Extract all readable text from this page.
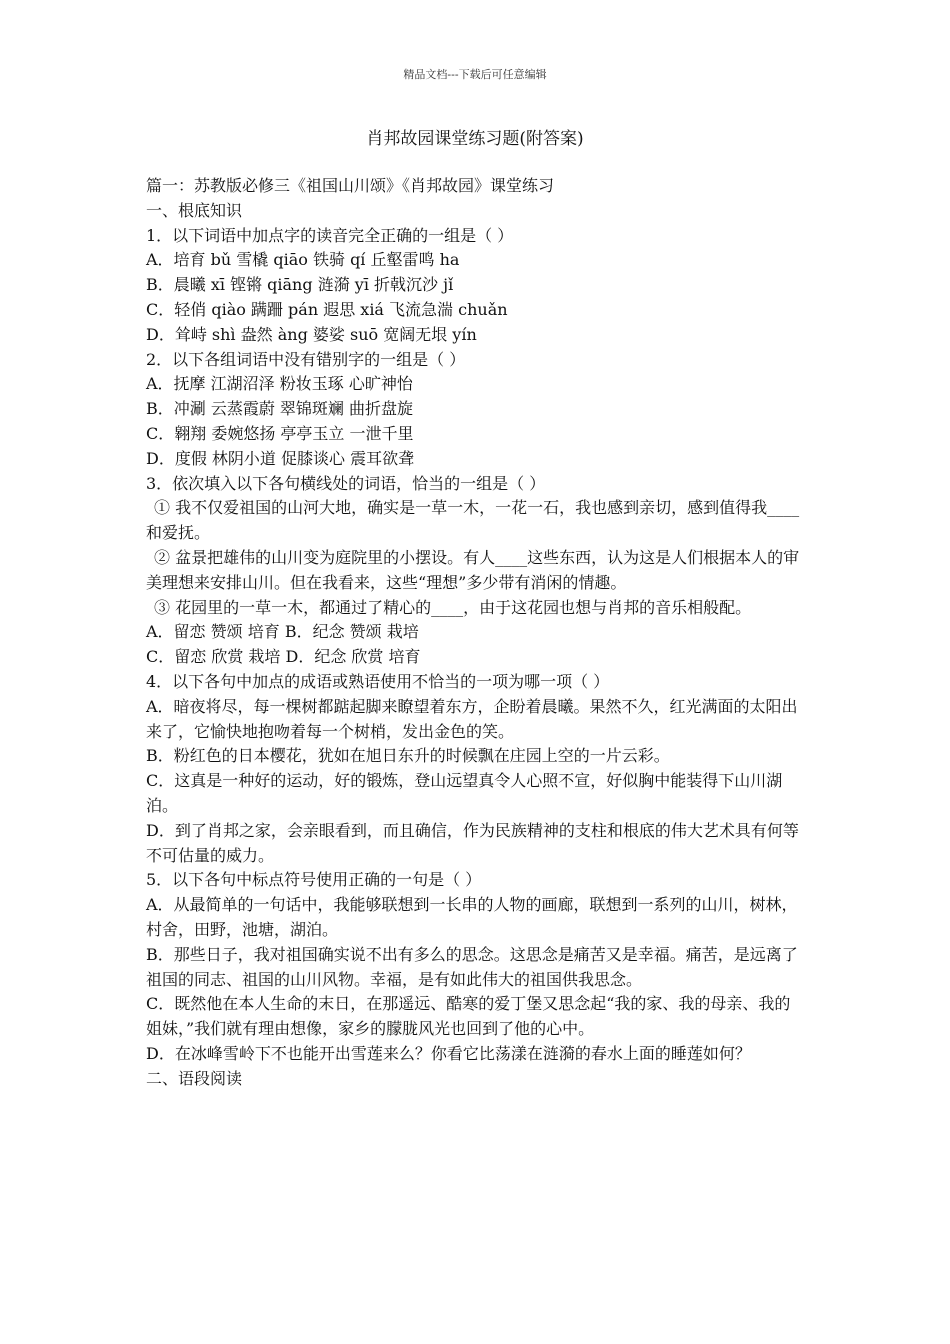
精品文档---下载后可任意编辑
肖邦故园课堂练习题(附答案)

篇一：苏教版必修三《祖国山川颂》《肖邦故园》课堂练习

一、根底知识

1．以下词语中加点字的读音完全正确的一组是（ ）

A．培育 bǔ 雪橇 qiāo 铁骑 qí 丘壑雷鸣 ha

B．晨曦 xī 铿锵 qiāng 涟漪 yī 折戟沉沙 jǐ

C．轻俏 qiào 蹒跚 pán 遐思 xiá 飞流急湍 chuǎn

D．耸峙 shì 盎然 àng 婆娑 suō 宽阔无垠 yín

2．以下各组词语中没有错别字的一组是（ ）

A．抚摩 江湖沼泽 粉妆玉琢 心旷神怡

B．冲涮 云蒸霞蔚 翠锦斑斓 曲折盘旋

C．翱翔 委婉悠扬 亭亭玉立 一泄千里

D．度假 林阴小道 促膝谈心 震耳欲聋

3．依次填入以下各句横线处的词语，恰当的一组是（ ）

① 我不仅爱祖国的山河大地，确实是一草一木，一花一石，我也感到亲切，感到值得我____和爱抚。

② 盆景把雄伟的山川变为庭院里的小摆设。有人____这些东西，认为这是人们根据本人的审美理想来安排山川。但在我看来，这些“理想”多少带有消闲的情趣。

③ 花园里的一草一木，都通过了精心的____，由于这花园也想与肖邦的音乐相般配。

A．留恋 赞颂 培育 B．纪念 赞颂 栽培

C．留恋 欣赏 栽培 D．纪念 欣赏 培育

4．以下各句中加点的成语或熟语使用不恰当的一项为哪一项（ ）

A．暗夜将尽，每一棵树都踮起脚来瞭望着东方，企盼着晨曦。果然不久，红光满面的太阳出来了，它愉快地抱吻着每一个树梢，发出金色的笑。

B．粉红色的日本樱花，犹如在旭日东升的时候飘在庄园上空的一片云彩。

C．这真是一种好的运动，好的锻炼，登山远望真令人心照不宣，好似胸中能装得下山川湖泊。

D．到了肖邦之家，会亲眼看到，而且确信，作为民族精神的支柱和根底的伟大艺术具有何等不可估量的威力。

5．以下各句中标点符号使用正确的一句是（ ）

A．从最简单的一句话中，我能够联想到一长串的人物的画廊，联想到一系列的山川，树林，村舍，田野，池塘，湖泊。

B．那些日子，我对祖国确实说不出有多么的思念。这思念是痛苦又是幸福。痛苦，是远离了祖国的同志、祖国的山川风物。幸福，是有如此伟大的祖国供我思念。

C．既然他在本人生命的末日，在那遥远、酷寒的爱丁堡又思念起“我的家、我的母亲、我的姐妹，”我们就有理由想像，家乡的朦胧风光也回到了他的心中。

D．在冰峰雪岭下不也能开出雪莲来么？你看它比荡漾在涟漪的春水上面的睡莲如何？

二、语段阅读
